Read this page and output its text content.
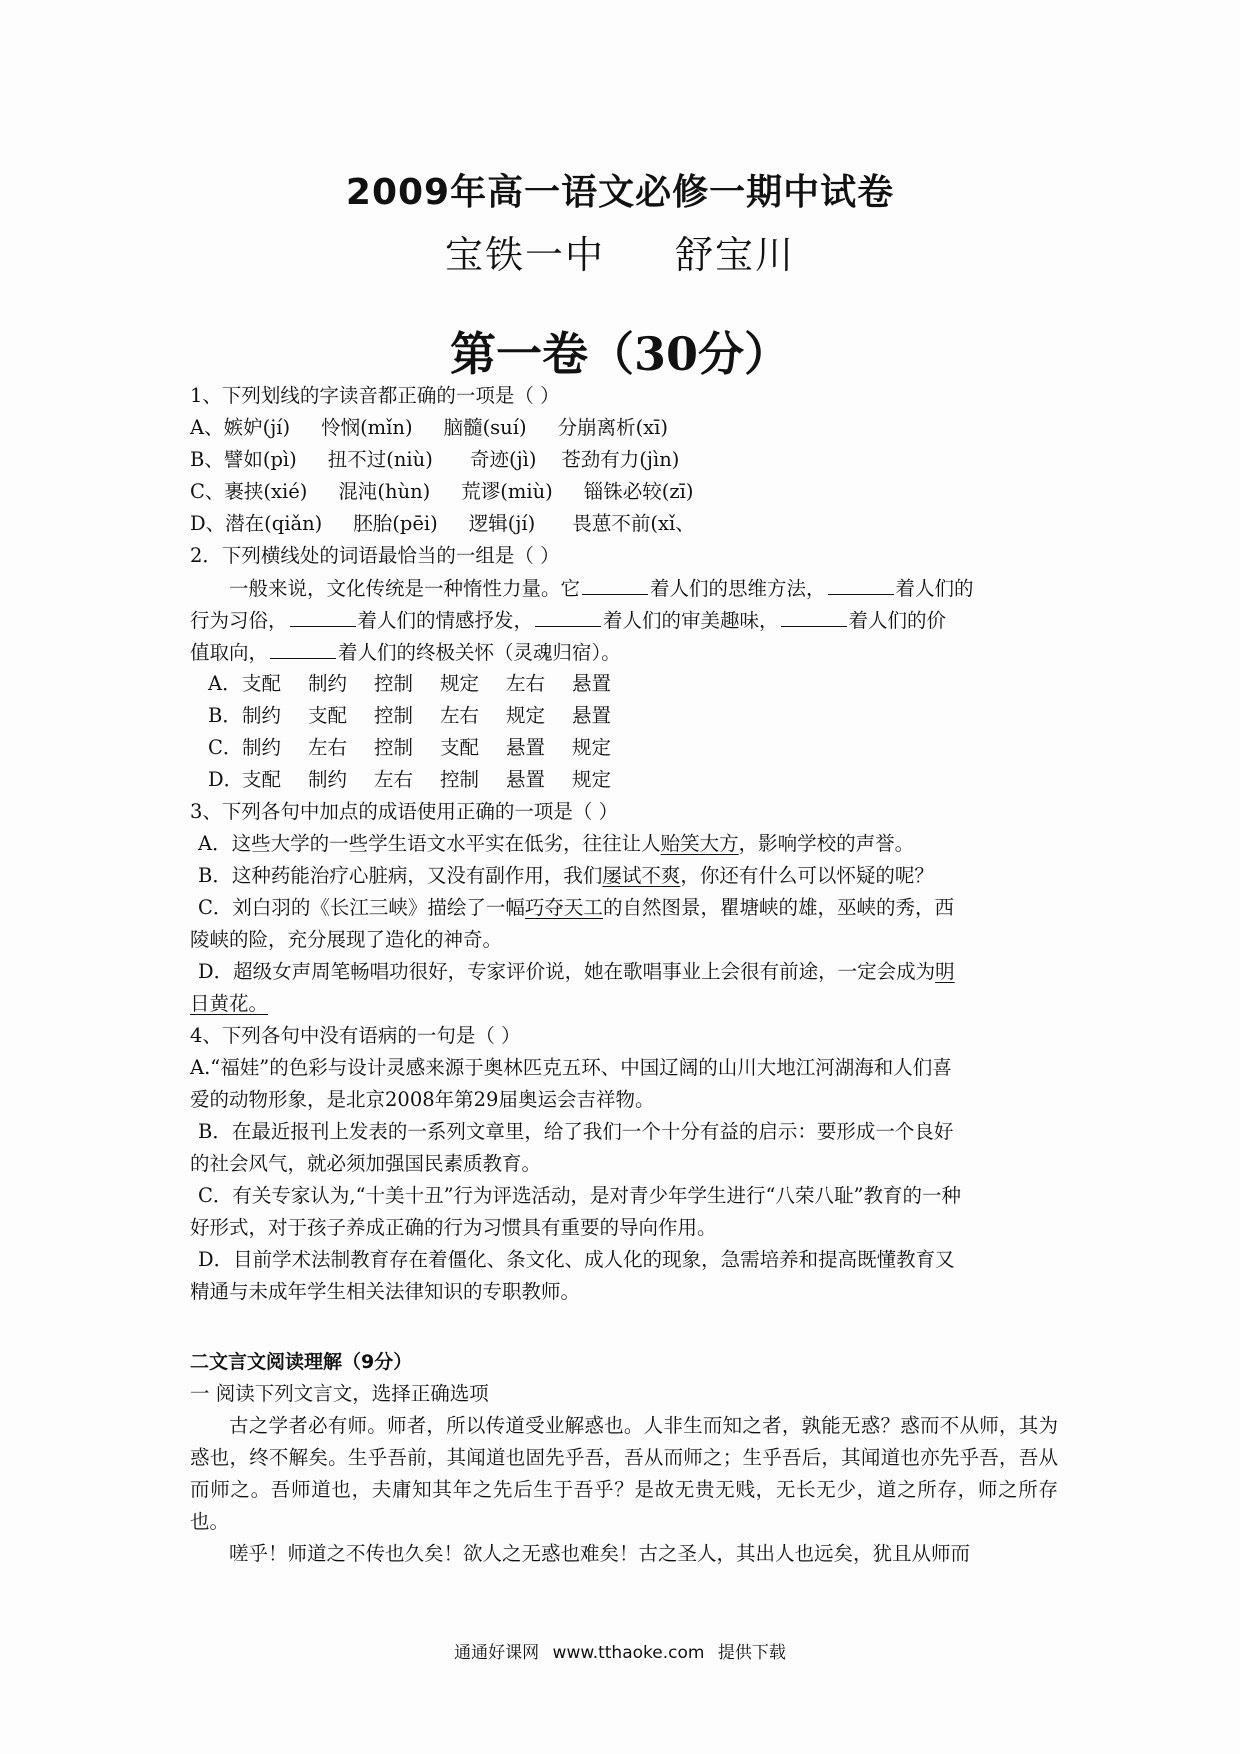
2009年高一语文必修一期中试卷
宝铁一中 舒宝川
第一卷（30分）
1、下列划线的字读音都正确的一项是（ ）
A、嫉妒(jí)     怜悯(mǐn)     脑髓(suí)     分崩离析(xī)
B、譬如(pì)     扭不过(niù)      奇迹(jì)    苍劲有力(jìn)
C、裹挟(xié)     混沌(hùn)     荒谬(miù)     锱铢必较(zī)
D、潜在(qiǎn)     胚胎(pēi)     逻辑(jí)      畏葸不前(xǐ、
2．下列横线处的词语最恰当的一组是（ ）
一般来说，文化传统是一种惰性力量。它	着人们的思维方法，	着人们的
行为习俗，	着人们的情感抒发，	着人们的审美趣味，	着人们的价
值取向，	着人们的终极关怀（灵魂归宿）。
A．支配 制约 控制 规定 左右 悬置
B．制约 支配 控制 左右 规定 悬置
C．制约 左右 控制 支配 悬置 规定
D．支配 制约 左右 控制 悬置 规定
3、下列各句中加点的成语使用正确的一项是（ ）
A．这些大学的一些学生语文水平实在低劣，往往让人贻笑大方，影响学校的声誉。
B．这种药能治疗心脏病，又没有副作用，我们屡试不爽，你还有什么可以怀疑的呢？
C．刘白羽的《长江三峡》描绘了一幅巧夺天工的自然图景，瞿塘峡的雄，巫峡的秀，西
陵峡的险，充分展现了造化的神奇。
D．超级女声周笔畅唱功很好，专家评价说，她在歌唱事业上会很有前途，一定会成为明
日黄花。
4、下列各句中没有语病的一句是（ ）
A.“福娃”的色彩与设计灵感来源于奥林匹克五环、中国辽阔的山川大地江河湖海和人们喜
爱的动物形象，是北京2008年第29届奥运会吉祥物。
B．在最近报刊上发表的一系列文章里，给了我们一个十分有益的启示：要形成一个良好
的社会风气，就必须加强国民素质教育。
C．有关专家认为,“十美十丑”行为评选活动，是对青少年学生进行“八荣八耻”教育的一种
好形式，对于孩子养成正确的行为习惯具有重要的导向作用。
D．目前学术法制教育存在着僵化、条文化、成人化的现象，急需培养和提高既懂教育又
精通与未成年学生相关法律知识的专职教师。
二文言文阅读理解（9分）
一 阅读下列文言文，选择正确选项
古之学者必有师。师者，所以传道受业解惑也。人非生而知之者，孰能无惑？惑而不从师，其为惑也，终不解矣。生乎吾前，其闻道也固先乎吾，吾从而师之；生乎吾后，其闻道也亦先乎吾，吾从而师之。吾师道也，夫庸知其年之先后生于吾乎？是故无贵无贱，无长无少，道之所存，师之所存也。
嗟乎！师道之不传也久矣！欲人之无惑也难矣！古之圣人，其出人也远矣，犹且从师而
通通好课网 www.tthaoke.com 提供下载
